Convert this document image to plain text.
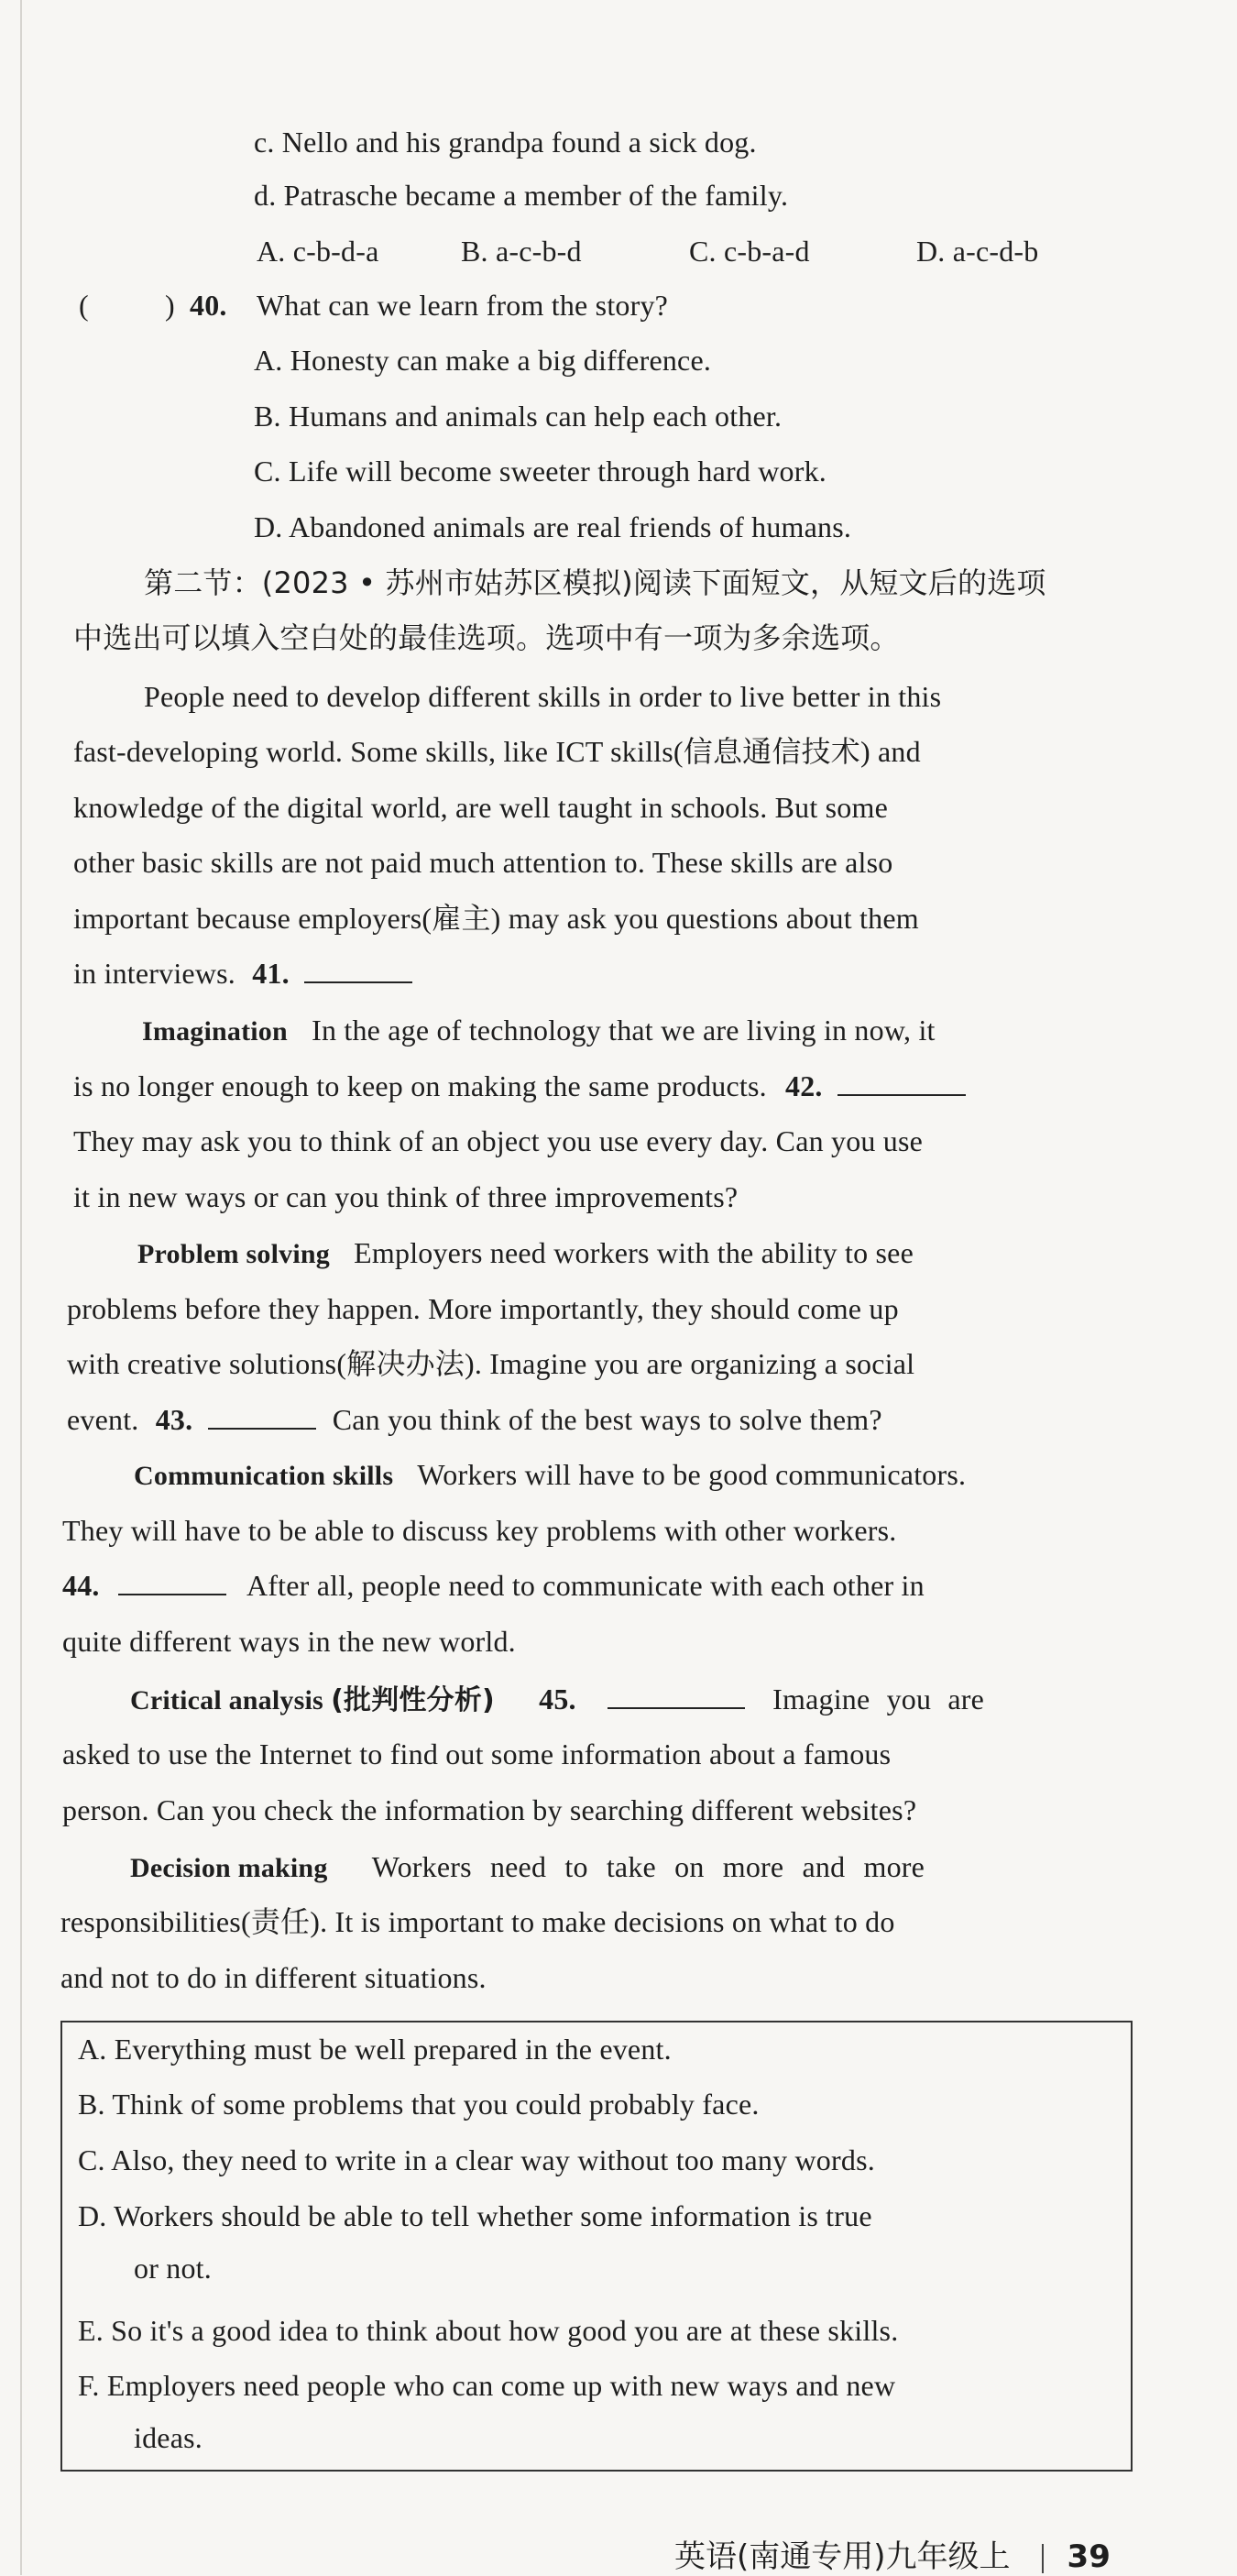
c. Nello and his grandpa found a sick dog.
d. Patrasche became a member of the family.
A. c-b-d-a	B. a-c-b-d	C. c-b-a-d	D. a-c-d-b
(	) 40. What can we learn from the story?
A. Honesty can make a big difference.
B. Humans and animals can help each other.
C. Life will become sweeter through hard work.
D. Abandoned animals are real friends of humans.
第二节：(2023 • 苏州市姑苏区模拟)阅读下面短文，从短文后的选项
中选出可以填入空白处的最佳选项。选项中有一项为多余选项。
People need to develop different skills in order to live better in this
fast-developing world. Some skills, like ICT skills(信息通信技术) and
knowledge of the digital world, are well taught in schools. But some
other basic skills are not paid much attention to. These skills are also
important because employers(雇主) may ask you questions about them
in interviews. 41.
Imagination In the age of technology that we are living in now, it
is no longer enough to keep on making the same products. 42.
They may ask you to think of an object you use every day. Can you use
it in new ways or can you think of three improvements?
Problem solving Employers need workers with the ability to see
problems before they happen. More importantly, they should come up
with creative solutions(解决办法). Imagine you are organizing a social
event. 43.	Can you think of the best ways to solve them?
Communication skills Workers will have to be good communicators.
They will have to be able to discuss key problems with other workers.
44.	After all, people need to communicate with each other in
quite different ways in the new world.
Critical analysis (批判性分析) 45.	Imagine you are
asked to use the Internet to find out some information about a famous
person. Can you check the information by searching different websites?
Decision making Workers need to take on more and more
responsibilities(责任). It is important to make decisions on what to do
and not to do in different situations.
A. Everything must be well prepared in the event.
B. Think of some problems that you could probably face.
C. Also, they need to write in a clear way without too many words.
D. Workers should be able to tell whether some information is true
or not.
E. So it's a good idea to think about how good you are at these skills.
F. Employers need people who can come up with new ways and new
ideas.
英语(南通专用)九年级上 39
